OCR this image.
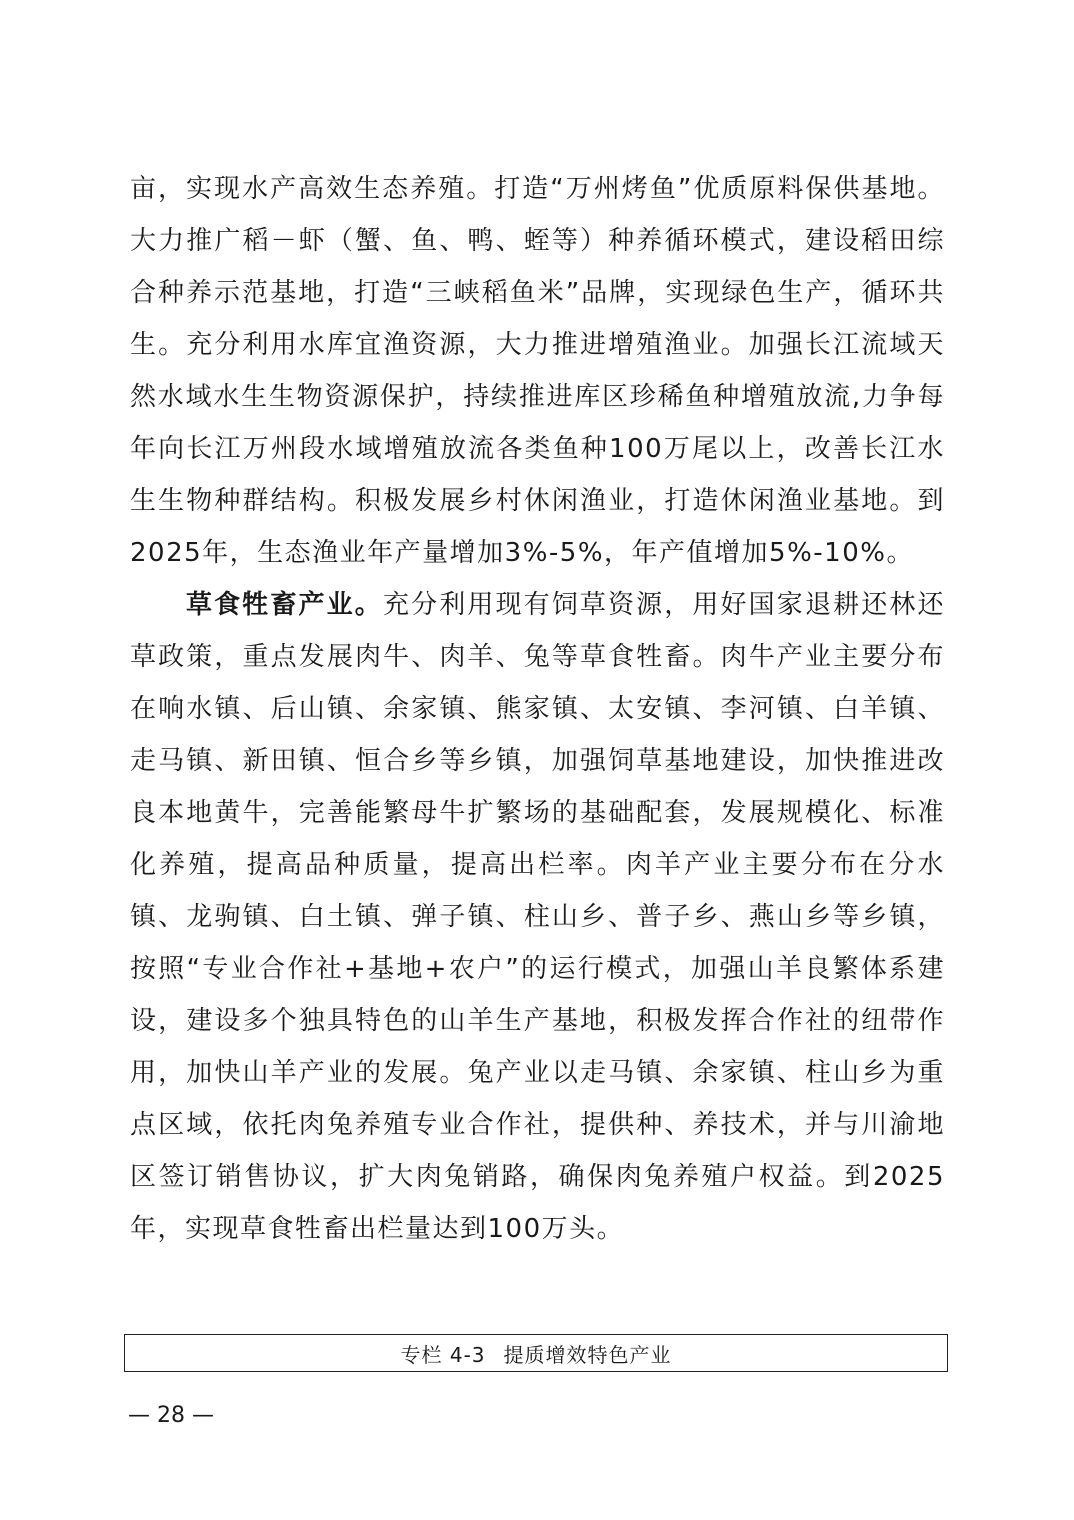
亩，实现水产高效生态养殖。打造“万州烤鱼”优质原料保供基地。大力推广稻－虾（蟹、鱼、鸭、蛭等）种养循环模式，建设稻田综合种养示范基地，打造“三峡稻鱼米”品牌，实现绿色生产，循环共生。充分利用水库宜渔资源，大力推进增殖渔业。加强长江流域天然水域水生生物资源保护，持续推进库区珍稀鱼种增殖放流,力争每年向长江万州段水域增殖放流各类鱼种100万尾以上，改善长江水生生物种群结构。积极发展乡村休闲渔业，打造休闲渔业基地。到2025年，生态渔业年产量增加3%-5%，年产值增加5%-10%。

草食牲畜产业。充分利用现有饲草资源，用好国家退耕还林还草政策，重点发展肉牛、肉羊、兔等草食牲畜。肉牛产业主要分布在响水镇、后山镇、余家镇、熊家镇、太安镇、李河镇、白羊镇、走马镇、新田镇、恒合乡等乡镇，加强饲草基地建设，加快推进改良本地黄牛，完善能繁母牛扩繁场的基础配套，发展规模化、标准化养殖，提高品种质量，提高出栏率。肉羊产业主要分布在分水镇、龙驹镇、白土镇、弹子镇、柱山乡、普子乡、燕山乡等乡镇，按照“专业合作社+基地+农户”的运行模式，加强山羊良繁体系建设，建设多个独具特色的山羊生产基地，积极发挥合作社的纽带作用，加快山羊产业的发展。兔产业以走马镇、余家镇、柱山乡为重点区域，依托肉兔养殖专业合作社，提供种、养技术，并与川渝地区签订销售协议，扩大肉兔销路，确保肉兔养殖户权益。到2025年，实现草食牲畜出栏量达到100万头。

专栏 4-3 提质增效特色产业
— 28 —
